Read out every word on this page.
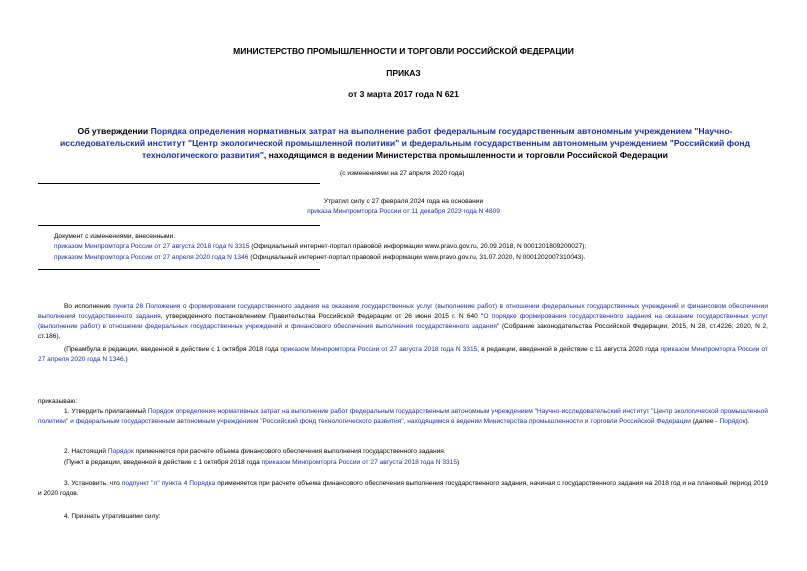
МИНИСТЕРСТВО ПРОМЫШЛЕННОСТИ И ТОРГОВЛИ РОССИЙСКОЙ ФЕДЕРАЦИИ
ПРИКАЗ
от 3 марта 2017 года N 621
Об утверждении Порядка определения нормативных затрат на выполнение работ федеральным государственным автономным учреждением "Научно-исследовательский институт "Центр экологической промышленной политики" и федеральным государственным автономным учреждением "Российский фонд технологического развития", находящимся в ведении Министерства промышленности и торговли Российской Федерации
(с изменениями на 27 апреля 2020 года)
Утратил силу с 27 февраля 2024 года на основании
приказа Минпромторга России от 11 декабря 2023 года N 4809
Документ с изменениями, внесенными:
приказом Минпромторга России от 27 августа 2018 года N 3315 (Официальный интернет-портал правовой информации www.pravo.gov.ru, 20.09.2018, N 0001201809200027);
приказом Минпромторга России от 27 апреля 2020 года N 1346 (Официальный интернет-портал правовой информации www.pravo.gov.ru, 31.07.2020, N 0001202007310043).
Во исполнение пункта 28 Положения о формировании государственного задания на оказание государственных услуг (выполнение работ) в отношении федеральных государственных учреждений и финансовом обеспечении выполнения государственного задания, утвержденного постановлением Правительства Российской Федерации от 26 июня 2015 г. N 640 "О порядке формирования государственного задания на оказание государственных услуг (выполнение работ) в отношении федеральных государственных учреждений и финансового обеспечения выполнения государственного задания" (Собрание законодательства Российской Федерации, 2015, N 28, ст.4226; 2020, N 2, ст.186),
(Преамбула в редакции, введенной в действие с 1 октября 2018 года приказом Минпромторга России от 27 августа 2018 года N 3315; в редакции, введенной в действие с 11 августа 2020 года приказом Минпромторга России от 27 апреля 2020 года N 1346.)
приказываю:
1. Утвердить прилагаемый Порядок определения нормативных затрат на выполнение работ федеральным государственным автономным учреждением "Научно-исследовательский институт "Центр экологической промышленной политики" и федеральным государственным автономным учреждением "Российский фонд технологического развития", находящимся в ведении Министерства промышленности и торговли Российской Федерации (далее - Порядок).
2. Настоящий Порядок применяется при расчете объема финансового обеспечения выполнения государственного задания.
(Пункт в редакции, введенной в действие с 1 октября 2018 года приказом Минпромторга России от 27 августа 2018 года N 3315)
3. Установить, что подпункт "л" пункта 4 Порядка применяется при расчете объема финансового обеспечения выполнения государственного задания, начиная с государственного задания на 2018 год и на плановый период 2019 и 2020 годов.
4. Признать утратившими силу:
